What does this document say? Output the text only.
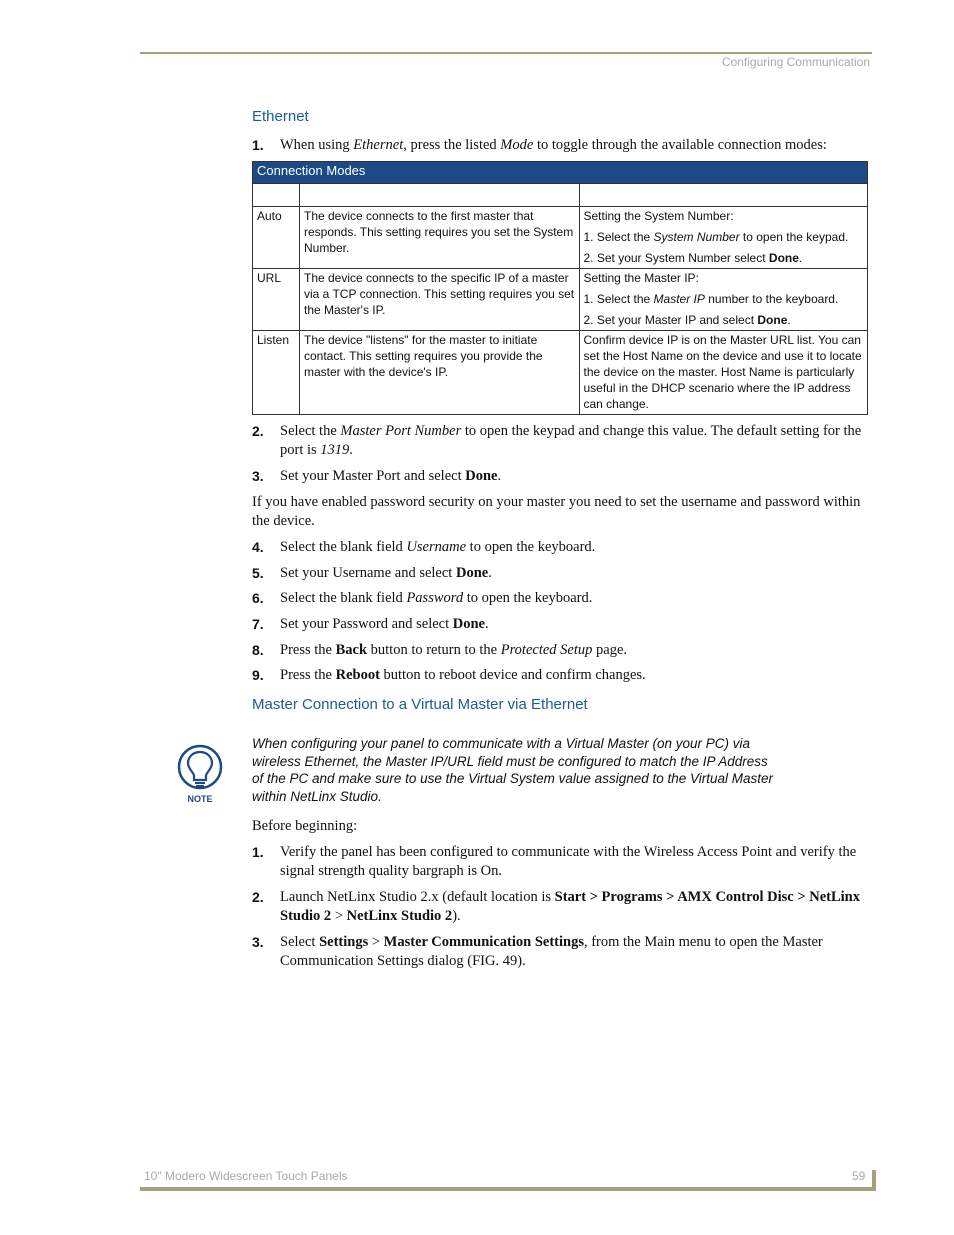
Configuring Communication
Ethernet
1. When using Ethernet, press the listed Mode to toggle through the available connection modes:
Connection Modes		

Auto	The device connects to the first master that responds. This setting requires you set the System Number.	Setting the System Number:
1. Select the System Number to open the keypad.
2. Set your System Number select Done.

URL	The device connects to the specific IP of a master via a TCP connection. This setting requires you set the Master's IP.	Setting the Master IP:
1. Select the Master IP number to the keyboard.
2. Set your Master IP and select Done.

Listen	The device "listens" for the master to initiate contact. This setting requires you provide the master with the device's IP.	Confirm device IP is on the Master URL list. You can set the Host Name on the device and use it to locate the device on the master. Host Name is particularly useful in the DHCP scenario where the IP address can change.
2. Select the Master Port Number to open the keypad and change this value. The default setting for the port is 1319.
3. Set your Master Port and select Done.
If you have enabled password security on your master you need to set the username and password within the device.
4. Select the blank field Username to open the keyboard.
5. Set your Username and select Done.
6. Select the blank field Password to open the keyboard.
7. Set your Password and select Done.
8. Press the Back button to return to the Protected Setup page.
9. Press the Reboot button to reboot device and confirm changes.
Master Connection to a Virtual Master via Ethernet
NOTE
When configuring your panel to communicate with a Virtual Master (on your PC) via wireless Ethernet, the Master IP/URL field must be configured to match the IP Address of the PC and make sure to use the Virtual System value assigned to the Virtual Master within NetLinx Studio.
Before beginning:
1. Verify the panel has been configured to communicate with the Wireless Access Point and verify the signal strength quality bargraph is On.
2. Launch NetLinx Studio 2.x (default location is Start > Programs > AMX Control Disc > NetLinx Studio 2 > NetLinx Studio 2).
3. Select Settings > Master Communication Settings, from the Main menu to open the Master Communication Settings dialog (FIG. 49).
10" Modero Widescreen Touch Panels	59
